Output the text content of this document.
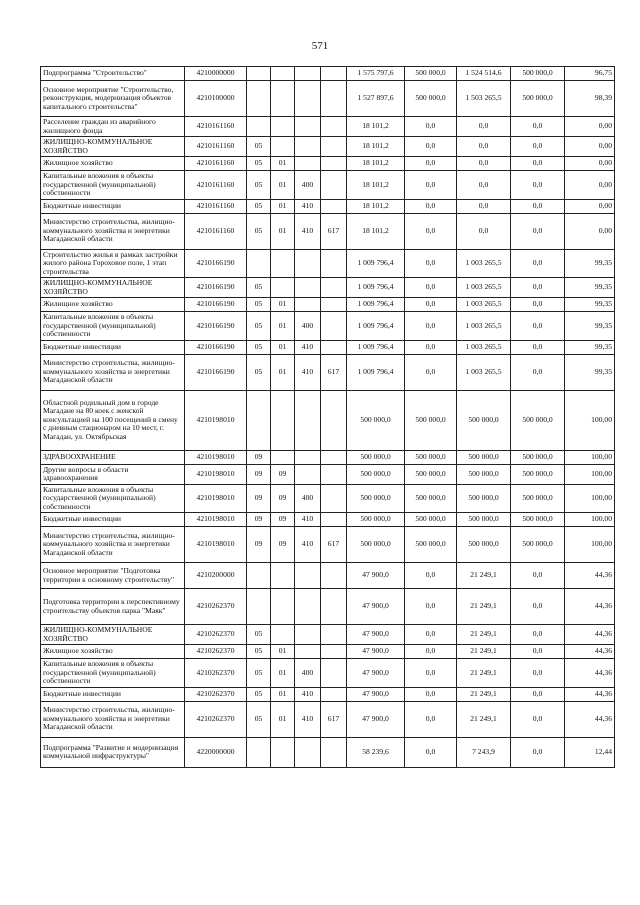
571
Подпрограмма "Строительство"	4210000000					1 575 797,6	500 000,0	1 524 514,6	500 000,0	96,75
Основное мероприятие "Строительство, реконструкция, модернизация объектов капитального строительства"	4210100000					1 527 897,6	500 000,0	1 503 265,5	500 000,0	98,39
Расселение граждан из аварийного жилищного фонда	4210161160					18 101,2	0,0	0,0	0,0	0,00
ЖИЛИЩНО-КОММУНАЛЬНОЕ ХОЗЯЙСТВО	4210161160	05				18 101,2	0,0	0,0	0,0	0,00
Жилищное хозяйство	4210161160	05	01			18 101,2	0,0	0,0	0,0	0,00
Капитальные вложения в объекты государственной (муниципальной) собственности	4210161160	05	01	400		18 101,2	0,0	0,0	0,0	0,00
Бюджетные инвестиции	4210161160	05	01	410		18 101,2	0,0	0,0	0,0	0,00
Министерство строительства, жилищно-коммунального хозяйства и энергетики Магаданской области	4210161160	05	01	410	617	18 101,2	0,0	0,0	0,0	0,00
Строительство жилья в рамках застройки жилого района Гороховое поле, 1 этап строительства	4210166190					1 009 796,4	0,0	1 003 265,5	0,0	99,35
ЖИЛИЩНО-КОММУНАЛЬНОЕ ХОЗЯЙСТВО	4210166190	05				1 009 796,4	0,0	1 003 265,5	0,0	99,35
Жилищное хозяйство	4210166190	05	01			1 009 796,4	0,0	1 003 265,5	0,0	99,35
Капитальные вложения в объекты государственной (муниципальной) собственности	4210166190	05	01	400		1 009 796,4	0,0	1 003 265,5	0,0	99,35
Бюджетные инвестиции	4210166190	05	01	410		1 009 796,4	0,0	1 003 265,5	0,0	99,35
Министерство строительства, жилищно-коммунального хозяйства и энергетики Магаданской области	4210166190	05	01	410	617	1 009 796,4	0,0	1 003 265,5	0,0	99,35
Областной родильный дом в городе Магадане на 80 коек с женской консультацией на 100 посещений в смену с дневным стационаром на 10 мест, г. Магадан, ул. Октябрьская	4210198010					500 000,0	500 000,0	500 000,0	500 000,0	100,00
ЗДРАВООХРАНЕНИЕ	4210198010	09				500 000,0	500 000,0	500 000,0	500 000,0	100,00
Другие вопросы в области здравоохранения	4210198010	09	09			500 000,0	500 000,0	500 000,0	500 000,0	100,00
Капитальные вложения в объекты государственной (муниципальной) собственности	4210198010	09	09	400		500 000,0	500 000,0	500 000,0	500 000,0	100,00
Бюджетные инвестиции	4210198010	09	09	410		500 000,0	500 000,0	500 000,0	500 000,0	100,00
Министерство строительства, жилищно-коммунального хозяйства и энергетики Магаданской области	4210198010	09	09	410	617	500 000,0	500 000,0	500 000,0	500 000,0	100,00
Основное мероприятие "Подготовка территории к основному строительству"	4210200000					47 900,0	0,0	21 249,1	0,0	44,36
Подготовка территории к перспективному строительству объектов парка "Маяк"	4210262370					47 900,0	0,0	21 249,1	0,0	44,36
ЖИЛИЩНО-КОММУНАЛЬНОЕ ХОЗЯЙСТВО	4210262370	05				47 900,0	0,0	21 249,1	0,0	44,36
Жилищное хозяйство	4210262370	05	01			47 900,0	0,0	21 249,1	0,0	44,36
Капитальные вложения в объекты государственной (муниципальной) собственности	4210262370	05	01	400		47 900,0	0,0	21 249,1	0,0	44,36
Бюджетные инвестиции	4210262370	05	01	410		47 900,0	0,0	21 249,1	0,0	44,36
Министерство строительства, жилищно-коммунального хозяйства и энергетики Магаданской области	4210262370	05	01	410	617	47 900,0	0,0	21 249,1	0,0	44,36
Подпрограмма "Развитие и модернизация коммунальной инфраструктуры"	4220000000					58 239,6	0,0	7 243,9	0,0	12,44
